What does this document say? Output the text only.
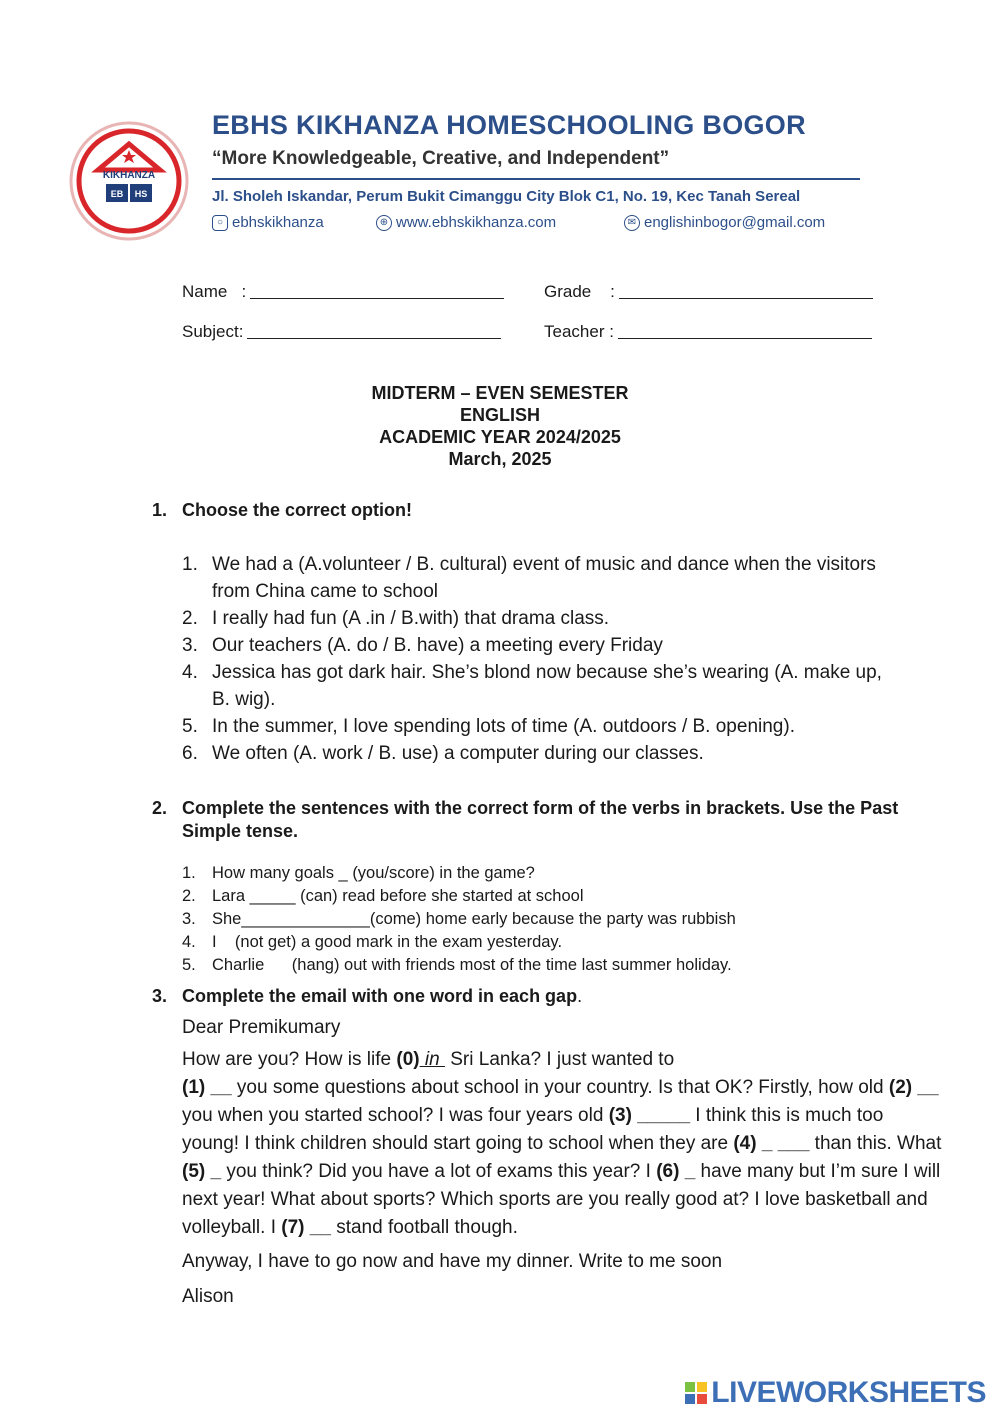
KIKHANZA
EB HS
EBHS KIKHANZA HOMESCHOOLING BOGOR
“More Knowledgeable, Creative, and Independent”
Jl. Sholeh Iskandar, Perum Bukit Cimanggu City Blok C1, No. 19, Kec Tanah Sereal
○ ebhskikhanza	⊕ www.ebhskikhanza.com	✉ englishinbogor@gmail.com
Name   :	Grade    :
Subject:	Teacher :
MIDTERM – EVEN SEMESTER
ENGLISH
ACADEMIC YEAR 2024/2025
March, 2025
1. Choose the correct option!
1. We had a (A.volunteer / B. cultural) event of music and dance when the visitors from China came to school
2. I really had fun (A .in / B.with) that drama class.
3. Our teachers (A. do / B. have) a meeting every Friday
4. Jessica has got dark hair. She’s blond now because she’s wearing (A. make up, B. wig).
5. In the summer, I love spending lots of time (A. outdoors / B. opening).
6. We often (A. work / B. use) a computer during our classes.
2. Complete the sentences with the correct form of the verbs in brackets. Use the Past Simple tense.
1. How many goals _ (you/score) in the game?
2. Lara _____ (can) read before she started at school
3. She______________(come) home early because the party was rubbish
4. I    (not get) a good mark in the exam yesterday.
5. Charlie      (hang) out with friends most of the time last summer holiday.
3. Complete the email with one word in each gap.
Dear Premikumary
How are you? How is life (0) in  Sri Lanka? I just wanted to
(1) __ you some questions about school in your country. Is that OK? Firstly, how old (2) __ you when you started school? I was four years old (3) _____ I think this is much too young! I think children should start going to school when they are (4) _ ___ than this. What (5) _ you think? Did you have a lot of exams this year? I (6) _ have many but I’m sure I will next year! What about sports? Which sports are you really good at? I love basketball and volleyball. I (7) __ stand football though.
Anyway, I have to go now and have my dinner. Write to me soon
Alison
LIVEWORKSHEETS
